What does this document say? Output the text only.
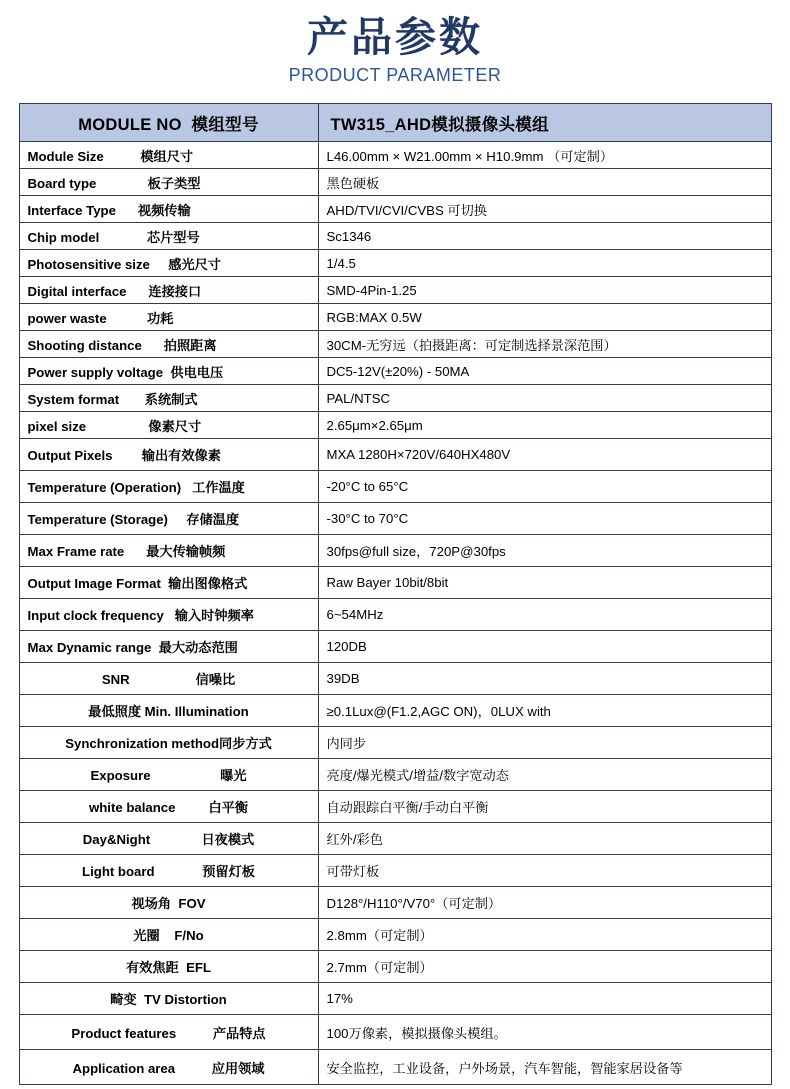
产品参数
PRODUCT PARAMETER
MODULE NO  模组型号	TW315_AHD模拟摄像头模组
Module Size          模组尺寸	L46.00mm × W21.00mm × H10.9mm （可定制）
Board type              板子类型	黑色硬板
Interface Type      视频传输	AHD/TVI/CVI/CVBS 可切换
Chip model             芯片型号	Sc1346
Photosensitive size     感光尺寸	1/4.5
Digital interface      连接接口	SMD-4Pin-1.25
power waste           功耗	RGB:MAX 0.5W
Shooting distance      拍照距离	30CM-无穷远（拍摄距离：可定制选择景深范围）
Power supply voltage  供电电压	DC5-12V(±20%) - 50MA
System format       系统制式	PAL/NTSC
pixel size                 像素尺寸	2.65μm×2.65μm
Output Pixels        输出有效像素	MXA 1280H×720V/640HX480V
Temperature (Operation)   工作温度	-20°C to 65°C
Temperature (Storage)     存储温度	-30°C to 70°C
Max Frame rate      最大传输帧频	30fps@full size，720P@30fps
Output Image Format  输出图像格式	Raw Bayer 10bit/8bit
Input clock frequency   输入时钟频率	6~54MHz
Max Dynamic range  最大动态范围	120DB
SNR                  信噪比	39DB
最低照度 Min. Illumination	≥0.1Lux@(F1.2,AGC ON)，0LUX with
Synchronization method同步方式	内同步
Exposure                   曝光	亮度/爆光模式/增益/数字宽动态
white balance         白平衡	自动跟踪白平衡/手动白平衡
Day&Night              日夜模式	红外/彩色
Light board             预留灯板	可带灯板
视场角  FOV	D128°/H110°/V70°（可定制）
光圈    F/No	2.8mm（可定制）
有效焦距  EFL	2.7mm（可定制）
畸变  TV Distortion	17%
Product features          产品特点	100万像素，模拟摄像头模组。
Application area          应用领域	安全监控，工业设备，户外场景，汽车智能，智能家居设备等
